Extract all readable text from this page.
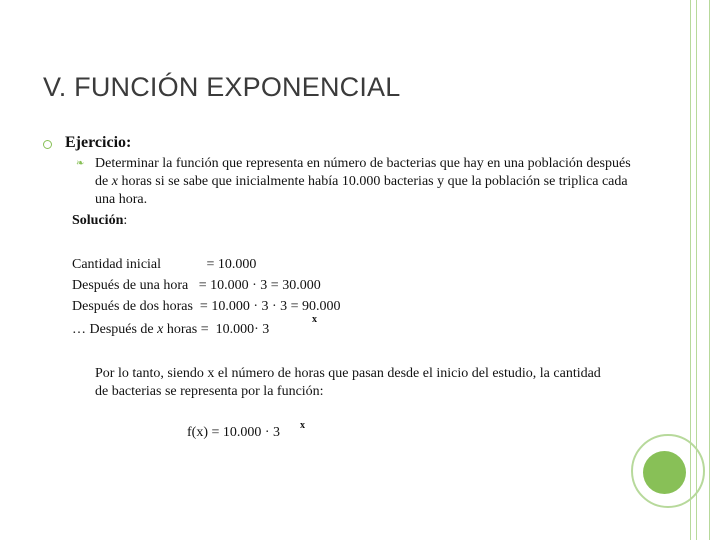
V. FUNCIÓN EXPONENCIAL
Ejercicio:
❧ Determinar la función que representa en número de bacterias que hay en una población después de x horas si se sabe que inicialmente había 10.000 bacterias y que la población se triplica cada una hora.
Solución:
Cantidad inicial             = 10.000
Después de una hora   = 10.000 · 3 = 30.000
Después de dos horas  = 10.000 · 3 · 3 = 90.000
… Después de x horas =  10.000· 3
x
Por lo tanto, siendo x el número de horas que pasan desde el inicio del estudio, la cantidad de bacterias se representa por la función:
f(x) = 10.000 · 3 x
